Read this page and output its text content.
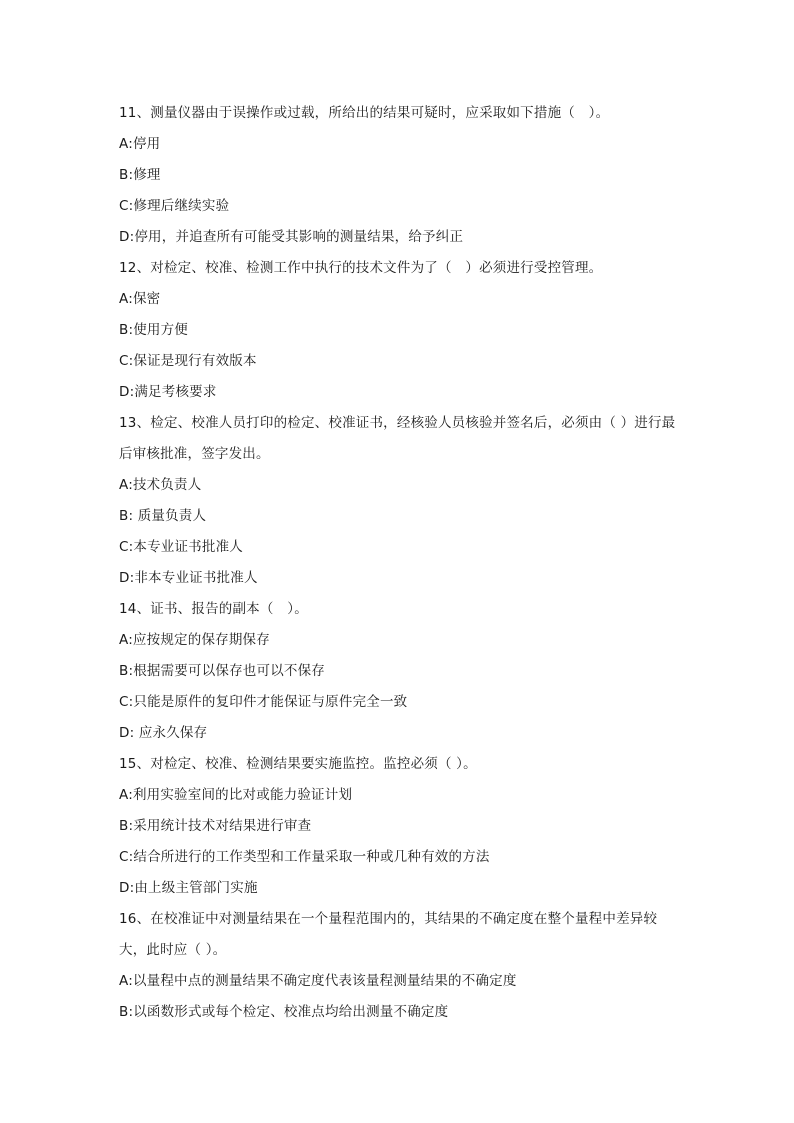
11、测量仪器由于误操作或过载，所给出的结果可疑时，应采取如下措施（　）。
A:停用
B:修理
C:修理后继续实验
D:停用，并追查所有可能受其影响的测量结果，给予纠正
12、对检定、校准、检测工作中执行的技术文件为了（　）必须进行受控管理。
A:保密
B:使用方便
C:保证是现行有效版本
D:满足考核要求
13、检定、校准人员打印的检定、校准证书，经核验人员核验并签名后，必须由（ ）进行最后审核批准，签字发出。
A:技术负责人
B: 质量负责人
C:本专业证书批准人
D:非本专业证书批准人
14、证书、报告的副本（　）。
A:应按规定的保存期保存
B:根据需要可以保存也可以不保存
C:只能是原件的复印件才能保证与原件完全一致
D: 应永久保存
15、对检定、校准、检测结果要实施监控。监控必须（ ）。
A:利用实验室间的比对或能力验证计划
B:采用统计技术对结果进行审查
C:结合所进行的工作类型和工作量采取一种或几种有效的方法
D:由上级主管部门实施
16、在校准证中对测量结果在一个量程范围内的，其结果的不确定度在整个量程中差异较大，此时应（ ）。
A:以量程中点的测量结果不确定度代表该量程测量结果的不确定度
B:以函数形式或每个检定、校准点均给出测量不确定度
